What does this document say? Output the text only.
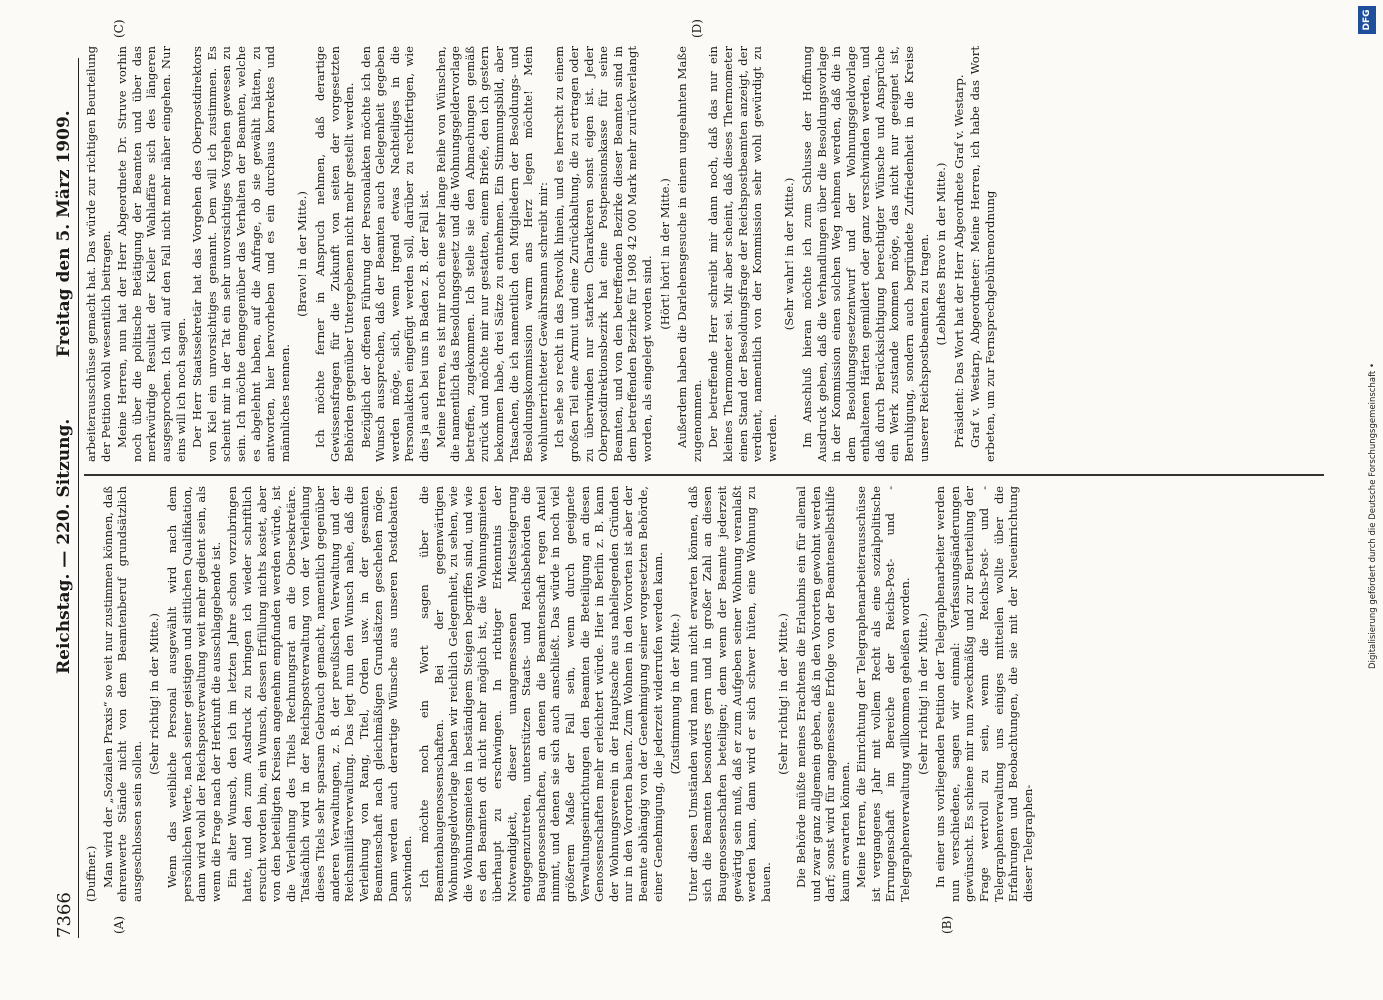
7366
Reichstag. — 220. Sitzung.
Freitag den 5. März 1909.
(A)	(B)
(C)	(D)

(Duffner.) Man wird der „Sozialen Praxis“ so weit nur zustimmen können, daß ehrenwerte Stände nicht von dem Beamtenberuf grundsätzlich ausgeschlossen sein sollen.

(Sehr richtig! in der Mitte.) Wenn das weibliche Personal ausgewählt wird nach dem persönlichen Werte, nach seiner geistigen und sittlichen Qualifikation, dann wird wohl der Reichspostverwaltung weit mehr gedient sein, als wenn die Frage nach der Herkunft die ausschlaggebende ist. Ein alter Wunsch, den ich im letzten Jahre schon vorzubringen hatte, und den zum Ausdruck zu bringen ich wieder schriftlich ersucht worden bin, ein Wunsch, dessen Erfüllung nichts kostet, aber von den beteiligten Kreisen angenehm empfunden werden würde, ist die Verleihung des Titels Rechnungsrat an die Obersekretäre. Tatsächlich wird in der Reichspostverwaltung von der Verleihung dieses Titels sehr sparsam Gebrauch gemacht, namentlich gegenüber anderen Verwaltungen, z. B. der preußischen Verwaltung und der Reichsmilitärverwaltung. Das legt nun den Wunsch nahe, daß die Verleihung von Rang, Titel, Orden usw. in der gesamten Beamtenschaft nach gleichmäßigen Grundsätzen geschehen möge. Dann werden auch derartige Wünsche aus unseren Postdebatten schwinden. Ich möchte noch ein Wort sagen über die Beamtenbaugenossenschaften. Bei der gegenwärtigen Wohnungsgeldvorlage haben wir reichlich Gelegenheit, zu sehen, wie die Wohnungsmieten in beständigem Steigen begriffen sind, und wie es den Beamten oft nicht mehr möglich ist, die Wohnungsmieten überhaupt zu erschwingen. In richtiger Erkenntnis der Notwendigkeit, dieser unangemessenen Mietssteigerung entgegenzutreten, unterstützen Staats- und Reichsbehörden die Baugenossenschaften, an denen die Beamtenschaft regen Anteil nimmt, und denen sie sich auch anschließt. Das würde in noch viel größerem Maße der Fall sein, wenn durch geeignete Verwaltungseinrichtungen den Beamten die Beteiligung an diesen Genossenschaften mehr erleichtert würde. Hier in Berlin z. B. kann der Wohnungsverein in der Hauptsache aus naheliegenden Gründen nur in den Vororten bauen. Zum Wohnen in den Vororten ist aber der Beamte abhängig von der Genehmigung seiner vorgesetzten Behörde, einer Genehmigung, die jederzeit widerrufen werden kann. (Zustimmung in der Mitte.) Unter diesen Umständen wird man nun nicht erwarten können, daß sich die Beamten besonders gern und in großer Zahl an diesen Baugenossenschaften beteiligen; denn wenn der Beamte jederzeit gewärtig sein muß, daß er zum Aufgeben seiner Wohnung veranlaßt werden kann, dann wird er sich schwer hüten, eine Wohnung zu bauen.

(Sehr richtig! in der Mitte.) Die Behörde müßte meines Erachtens die Erlaubnis ein für allemal und zwar ganz allgemein geben, daß in den Vororten gewohnt werden darf; sonst wird für angemessene Erfolge von der Beamtenselbsthilfe kaum erwarten können. Meine Herren, die Einrichtung der Telegraphenarbeiterausschüsse ist vergangenes Jahr mit vollem Recht als eine sozialpolitische Errungenschaft im Bereiche der Reichs-Post- und -Telegraphenverwaltung willkommen geheißen worden. (Sehr richtig! in der Mitte.) In einer uns vorliegenden Petition der Telegraphenarbeiter werden nun verschiedene, sagen wir einmal: Verfassungsänderungen gewünscht. Es schiene mir nun zweckmäßig und zur Beurteilung der Frage wertvoll zu sein, wenn die Reichs-Post- und -Telegraphenverwaltung uns einiges mitteilen wollte über die Erfahrungen und Beobachtungen, die sie mit der Neueinrichtung dieser Telegraphen-

arbeiterausschüsse gemacht hat. Das würde zur richtigen Beurteilung der Petition wohl wesentlich beitragen. Meine Herren, nun hat der Herr Abgeordnete Dr. Struve vorhin noch über die politische Betätigung der Beamten und über das merkwürdige Resultat der Kieler Wahlaffäre sich des längeren ausgesprochen. Ich will auf den Fall nicht mehr näher eingehen. Nur eins will ich noch sagen. Der Herr Staatssekretär hat das Vorgehen des Oberpostdirektors von Kiel ein unvorsichtiges genannt. Dem will ich zustimmen. Es scheint mir in der Tat ein sehr unvorsichtiges Vorgehen gewesen zu sein. Ich möchte demgegenüber das Verhalten der Beamten, welche es abgelehnt haben, auf die Anfrage, ob sie gewählt hätten, zu antworten, hier hervorheben und es ein durchaus korrektes und männliches nennen.

(Bravo! in der Mitte.) Ich möchte ferner in Anspruch nehmen, daß derartige Gewissensfragen für die Zukunft von seiten der vorgesetzten Behörden gegenüber Untergebenen nicht mehr gestellt werden. Bezüglich der offenen Führung der Personalakten möchte ich den Wunsch aussprechen, daß der Beamten auch Gelegenheit gegeben werden möge, sich, wenn irgend etwas Nachteiliges in die Personalakten eingefügt werden soll, darüber zu rechtfertigen, wie dies ja auch bei uns in Baden z. B. der Fall ist. Meine Herren, es ist mir noch eine sehr lange Reihe von Wünschen, die namentlich das Besoldungsgesetz und die Wohnungsgeldervorlage betreffen, zugekommen. Ich stelle sie den Abmachungen gemäß zurück und möchte mir nur gestatten, einem Briefe, den ich gestern bekommen habe, drei Sätze zu entnehmen. Ein Stimmungsbild, aber Tatsachen, die ich namentlich den Mitgliedern der Besoldungs- und Besoldungskommission warm ans Herz legen möchte! Mein wohlunterrichteter Gewährsmann schreibt mir: Ich sehe so recht in das Postvolk hinein, und es herrscht zu einem großen Teil eine Armut und eine Zurückhaltung, die zu ertragen oder zu überwinden nur starken Charakteren sonst eigen ist. Jeder Oberpostdirektionsbezirk hat eine Postpensionskasse für seine Beamten, und von den betreffenden Bezirke dieser Beamten sind in dem betreffenden Bezirke für 1908 42 000 Mark mehr zurückverlangt worden, als eingelegt worden sind.

(Hört! hört! in der Mitte.) Außerdem haben die Darlehensgesuche in einem ungeahnten Maße zugenommen. Der betreffende Herr schreibt mir dann noch, daß das nur ein kleines Thermometer sei. Mir aber scheint, daß dieses Thermometer einen Stand der Besoldungsfrage der Reichspostbeamten anzeigt, der verdient, namentlich von der Kommission sehr wohl gewürdigt zu werden.

(Sehr wahr! in der Mitte.) Im Anschluß hieran möchte ich zum Schlusse der Hoffnung Ausdruck geben, daß die Verhandlungen über die Besoldungsvorlage in der Kommission einen solchen Weg nehmen werden, daß die in dem Besoldungsgesetzentwurf und der Wohnungsgeldvorlage enthaltenen Härten gemildert oder ganz verschwinden werden, und daß durch Berücksichtigung berechtigter Wünsche und Ansprüche ein Werk zustande kommen möge, das nicht nur geeignet ist, Beruhigung, sondern auch begründete Zufriedenheit in die Kreise unserer Reichspostbeamten zu tragen. (Lebhaftes Bravo in der Mitte.) Präsident: Das Wort hat der Herr Abgeordnete Graf v. Westarp. Graf v. Westarp, Abgeordneter: Meine Herren, ich habe das Wort erbeten, um zur Fernsprechgebührenordnung

Digitalisierung gefördert durch die Deutsche Forschungsgemeinschaft •
DFG
